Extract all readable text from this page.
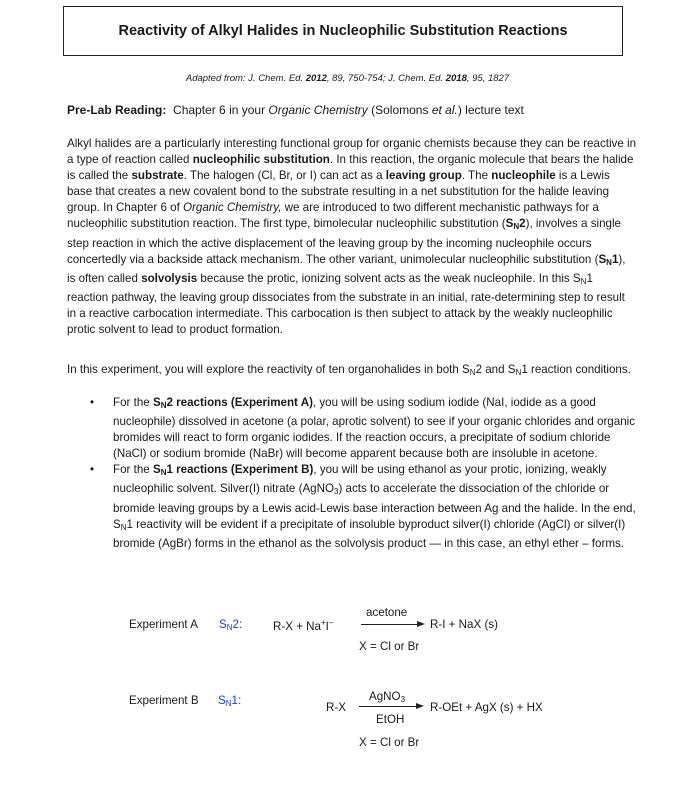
Reactivity of Alkyl Halides in Nucleophilic Substitution Reactions
Adapted from: J. Chem. Ed. 2012, 89, 750-754; J. Chem. Ed. 2018, 95, 1827
Pre-Lab Reading: Chapter 6 in your Organic Chemistry (Solomons et al.) lecture text
Alkyl halides are a particularly interesting functional group for organic chemists because they can be reactive in a type of reaction called nucleophilic substitution. In this reaction, the organic molecule that bears the halide is called the substrate. The halogen (Cl, Br, or I) can act as a leaving group. The nucleophile is a Lewis base that creates a new covalent bond to the substrate resulting in a net substitution for the halide leaving group. In Chapter 6 of Organic Chemistry, we are introduced to two different mechanistic pathways for a nucleophilic substitution reaction. The first type, bimolecular nucleophilic substitution $(S_N2)$, involves a single step reaction in which the active displacement of the leaving group by the incoming nucleophile occurs concertedly via a backside attack mechanism. The other variant, unimolecular nucleophilic substitution $(S_N1)$, is often called solvolysis because the protic, ionizing solvent acts as the weak nucleophile. In this $S_N1$ reaction pathway, the leaving group dissociates from the substrate in an initial, rate-determining step to result in a reactive carbocation intermediate. This carbocation is then subject to attack by the weakly nucleophilic protic solvent to lead to product formation.
In this experiment, you will explore the reactivity of ten organohalides in both $S_N2$ and $S_N1$ reaction conditions.
• For the $S_N2$ reactions (Experiment A), you will be using sodium iodide (NaI, iodide as a good nucleophile) dissolved in acetone (a polar, aprotic solvent) to see if your organic chlorides and organic bromides will react to form organic iodides. If the reaction occurs, a precipitate of sodium chloride (NaCl) or sodium bromide (NaBr) will become apparent because both are insoluble in acetone.
• For the $S_N1$ reactions (Experiment B), you will be using ethanol as your protic, ionizing, weakly nucleophilic solvent. Silver(I) nitrate (AgNO$_3$) acts to accelerate the dissociation of the chloride or bromide leaving groups by a Lewis acid-Lewis base interaction between Ag and the halide. In the end, $S_N1$ reactivity will be evident if a precipitate of insoluble byproduct silver(I) chloride (AgCl) or silver(I) bromide (AgBr) forms in the ethanol as the solvolysis product — in this case, an ethyl ether – forms.
Experiment A $S_N2$:	R-X + Na+I–
acetone
R-I + NaX (s)
X = Cl or Br
Experiment B $S_N1$:
R-X
AgNO$_3$
EtOH
R-OEt + AgX (s) + HX
X = Cl or Br
